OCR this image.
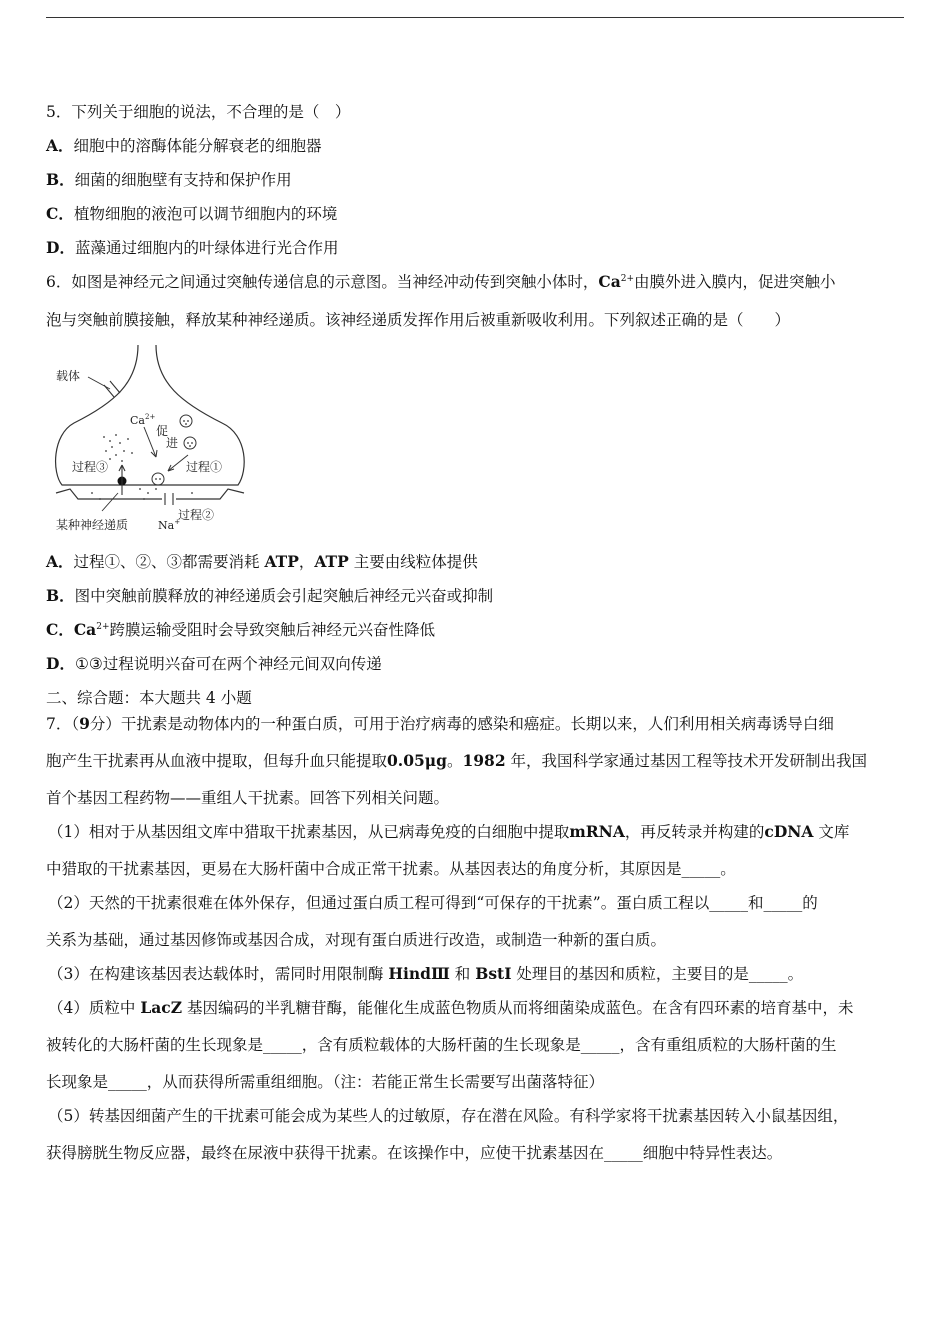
5．下列关于细胞的说法，不合理的是（　）
A．细胞中的溶酶体能分解衰老的细胞器
B．细菌的细胞壁有支持和保护作用
C．植物细胞的液泡可以调节细胞内的环境
D．蓝藻通过细胞内的叶绿体进行光合作用
6．如图是神经元之间通过突触传递信息的示意图。当神经冲动传到突触小体时，$Ca^{2+}$由膜外进入膜内，促进突触小
泡与突触前膜接触，释放某种神经递质。该神经递质发挥作用后被重新吸收利用。下列叙述正确的是（　　）
载体
$Ca^{2+}$
促
进
过程③	过程①
过程②
某种神经递质	Na+
A．过程①、②、③都需要消耗 ATP，ATP 主要由线粒体提供
B．图中突触前膜释放的神经递质会引起突触后神经元兴奋或抑制
C．$Ca^{2+}$跨膜运输受阻时会导致突触后神经元兴奋性降低
D．①③过程说明兴奋可在两个神经元间双向传递
二、综合题：本大题共 4 小题
7．（9分）干扰素是动物体内的一种蛋白质，可用于治疗病毒的感染和癌症。长期以来，人们利用相关病毒诱导白细
胞产生干扰素再从血液中提取，但每升血只能提取0.05μg。1982 年，我国科学家通过基因工程等技术开发研制出我国
首个基因工程药物——重组人干扰素。回答下列相关问题。
（1）相对于从基因组文库中猎取干扰素基因，从已病毒免疫的白细胞中提取mRNA，再反转录并构建的cDNA 文库
中猎取的干扰素基因，更易在大肠杆菌中合成正常干扰素。从基因表达的角度分析，其原因是_____。
（2）天然的干扰素很难在体外保存，但通过蛋白质工程可得到“可保存的干扰素”。蛋白质工程以_____和_____的
关系为基础，通过基因修饰或基因合成，对现有蛋白质进行改造，或制造一种新的蛋白质。
（3）在构建该基因表达载体时，需同时用限制酶 HindⅢ 和 BstⅠ 处理目的基因和质粒，主要目的是_____。
（4）质粒中 LacZ 基因编码的半乳糖苷酶，能催化生成蓝色物质从而将细菌染成蓝色。在含有四环素的培育基中，未
被转化的大肠杆菌的生长现象是_____，含有质粒载体的大肠杆菌的生长现象是_____，含有重组质粒的大肠杆菌的生
长现象是_____，从而获得所需重组细胞。（注：若能正常生长需要写出菌落特征）
（5）转基因细菌产生的干扰素可能会成为某些人的过敏原，存在潜在风险。有科学家将干扰素基因转入小鼠基因组，
获得膀胱生物反应器，最终在尿液中获得干扰素。在该操作中，应使干扰素基因在_____细胞中特异性表达。
